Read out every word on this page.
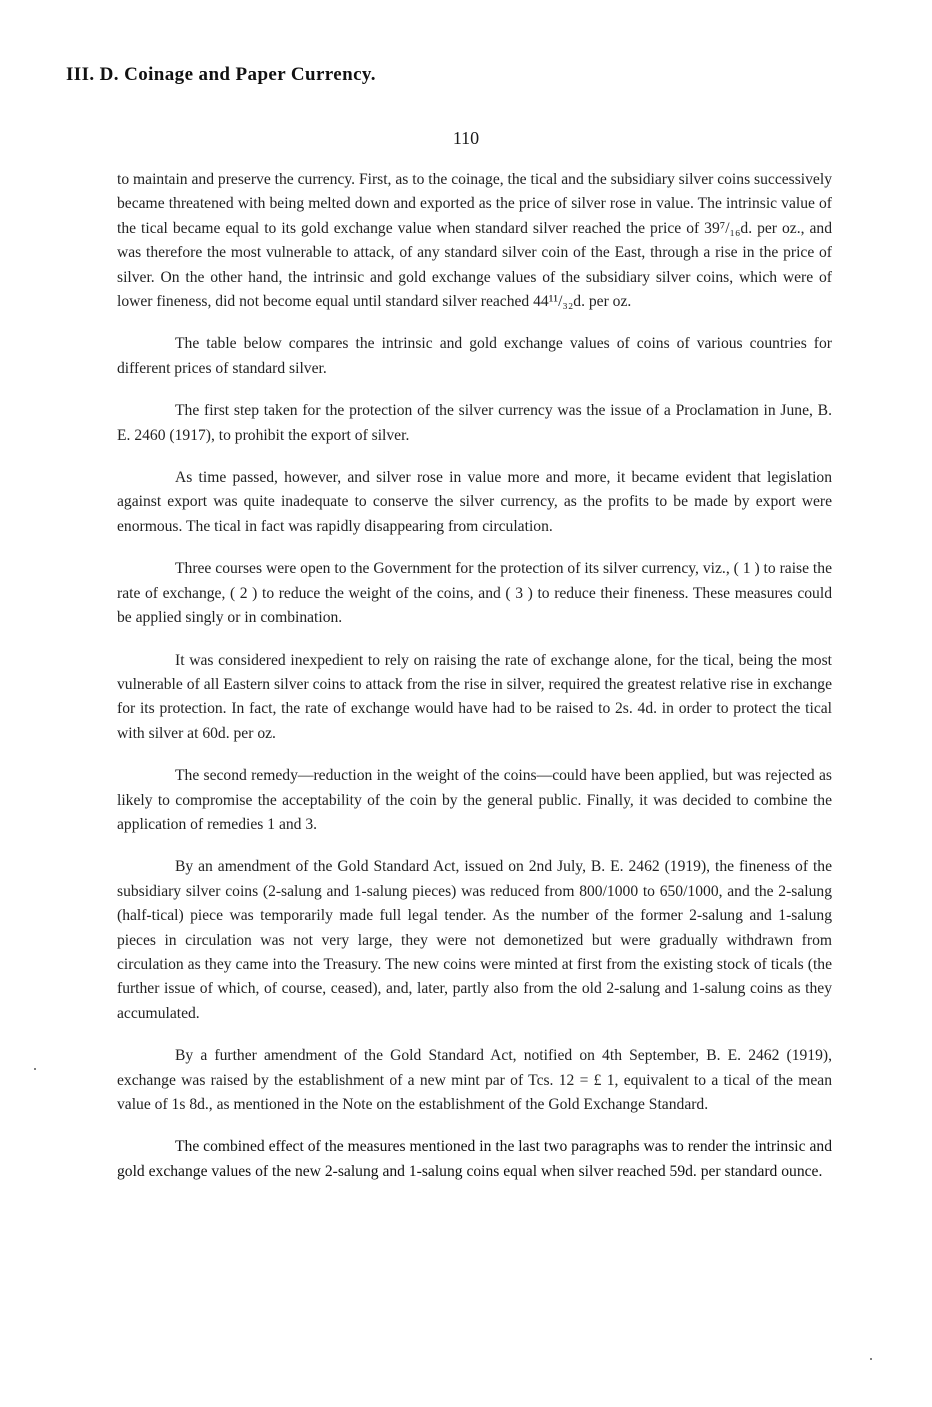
III. D. Coinage and Paper Currency.
110

to maintain and preserve the currency. First, as to the coinage, the tical and the subsidiary silver coins successively became threatened with being melted down and exported as the price of silver rose in value. The intrinsic value of the tical became equal to its gold exchange value when standard silver reached the price of 39⁷/₁₆d. per oz., and was therefore the most vulnerable to attack, of any standard silver coin of the East, through a rise in the price of silver. On the other hand, the intrinsic and gold exchange values of the subsidiary silver coins, which were of lower fineness, did not become equal until standard silver reached 44¹¹/₃₂d. per oz.

The table below compares the intrinsic and gold exchange values of coins of various countries for different prices of standard silver.

The first step taken for the protection of the silver currency was the issue of a Proclamation in June, B. E. 2460 (1917), to prohibit the export of silver.

As time passed, however, and silver rose in value more and more, it became evident that legislation against export was quite inadequate to conserve the silver currency, as the profits to be made by export were enormous. The tical in fact was rapidly disappearing from circulation.

Three courses were open to the Government for the protection of its silver currency, viz., ( 1 ) to raise the rate of exchange, ( 2 ) to reduce the weight of the coins, and ( 3 ) to reduce their fineness. These measures could be applied singly or in combination.

It was considered inexpedient to rely on raising the rate of exchange alone, for the tical, being the most vulnerable of all Eastern silver coins to attack from the rise in silver, required the greatest relative rise in exchange for its protection. In fact, the rate of exchange would have had to be raised to 2s. 4d. in order to protect the tical with silver at 60d. per oz.

The second remedy—reduction in the weight of the coins—could have been applied, but was rejected as likely to compromise the acceptability of the coin by the general public. Finally, it was decided to combine the application of remedies 1 and 3.

By an amendment of the Gold Standard Act, issued on 2nd July, B. E. 2462 (1919), the fineness of the subsidiary silver coins (2-salung and 1-salung pieces) was reduced from 800/1000 to 650/1000, and the 2-salung (half-tical) piece was temporarily made full legal tender. As the number of the former 2-salung and 1-salung pieces in circulation was not very large, they were not demonetized but were gradually withdrawn from circulation as they came into the Treasury. The new coins were minted at first from the existing stock of ticals (the further issue of which, of course, ceased), and, later, partly also from the old 2-salung and 1-salung coins as they accumulated.

By a further amendment of the Gold Standard Act, notified on 4th September, B. E. 2462 (1919), exchange was raised by the establishment of a new mint par of Tcs. 12 = £ 1, equivalent to a tical of the mean value of 1s 8d., as mentioned in the Note on the establishment of the Gold Exchange Standard.

The combined effect of the measures mentioned in the last two paragraphs was to render the intrinsic and gold exchange values of the new 2-salung and 1-salung coins equal when silver reached 59d. per standard ounce.
